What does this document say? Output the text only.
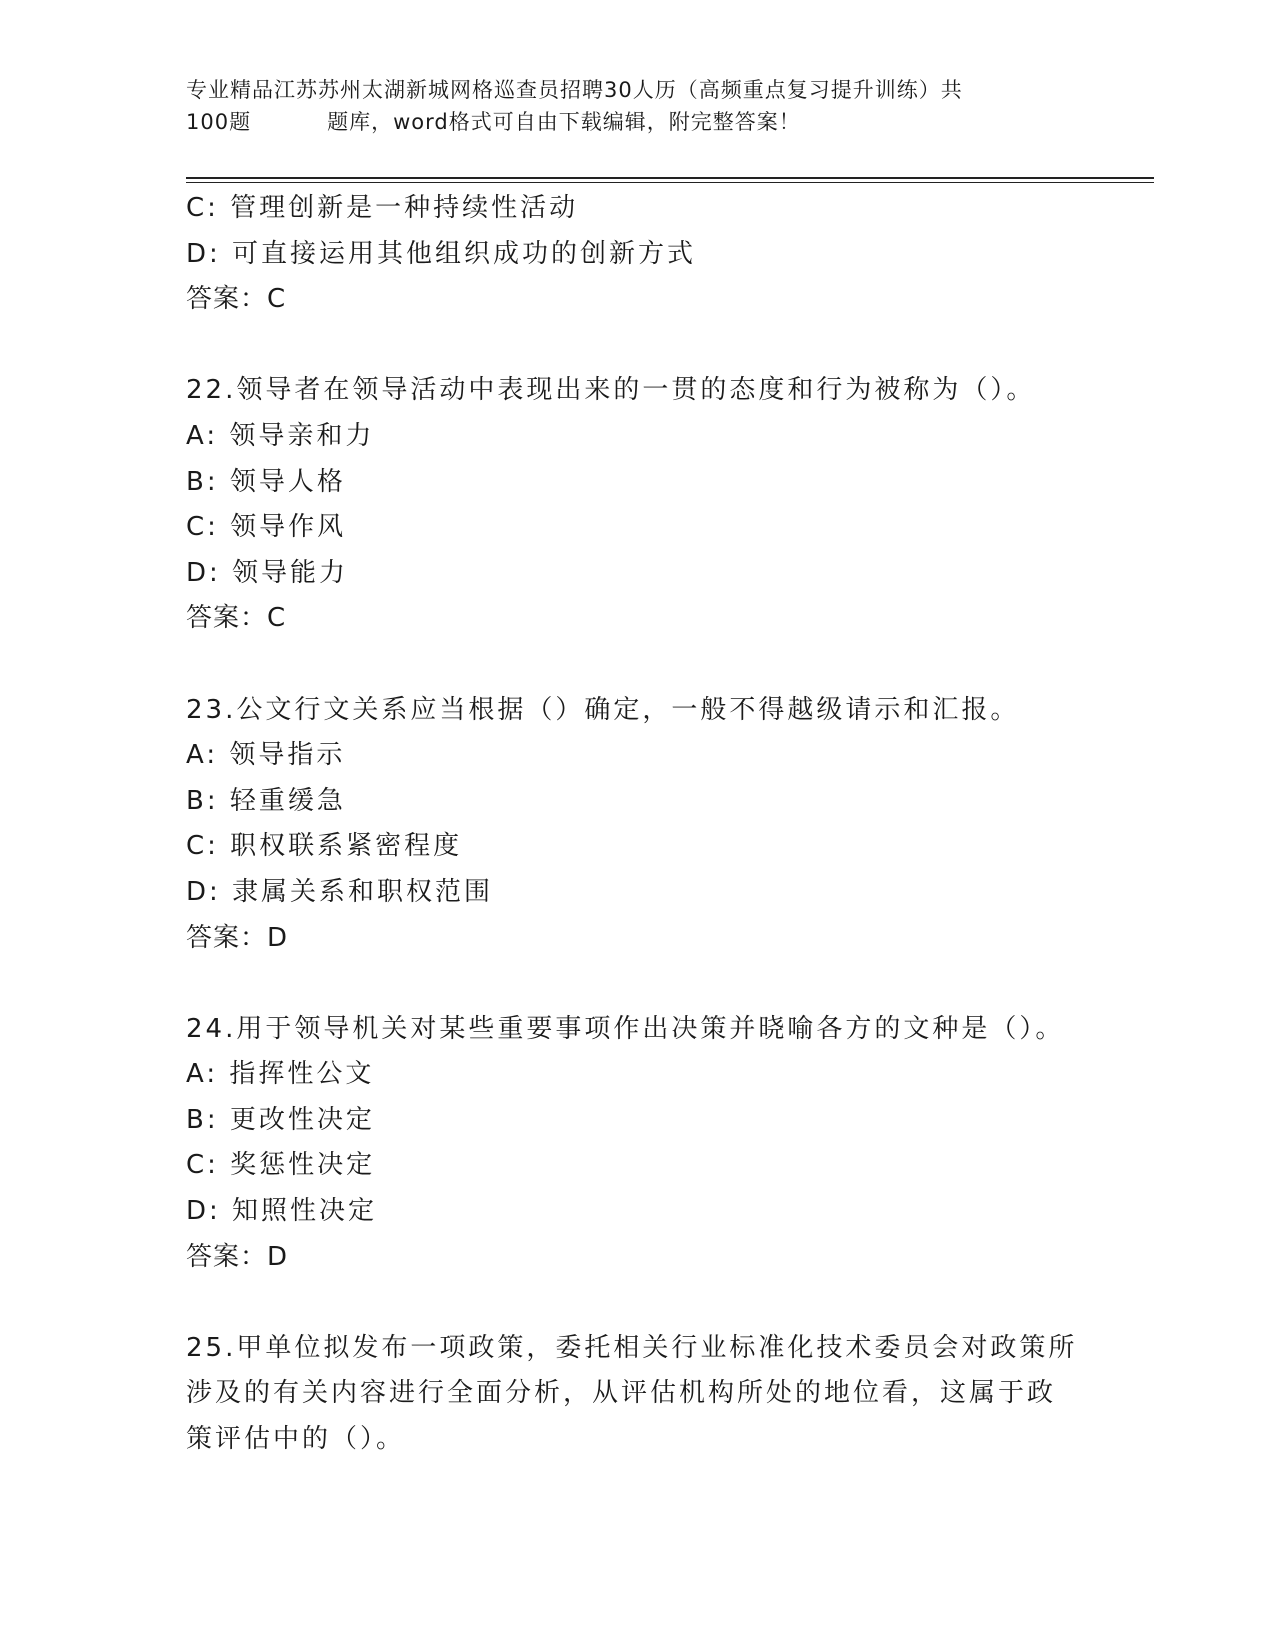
专业精品江苏苏州太湖新城网格巡查员招聘30人历（高频重点复习提升训练）共
100题	题库，word格式可自由下载编辑，附完整答案！
C: 管理创新是一种持续性活动
D: 可直接运用其他组织成功的创新方式
答案：C
22.领导者在领导活动中表现出来的一贯的态度和行为被称为（）。
A: 领导亲和力
B: 领导人格
C: 领导作风
D: 领导能力
答案：C
23.公文行文关系应当根据（）确定，一般不得越级请示和汇报。
A: 领导指示
B: 轻重缓急
C: 职权联系紧密程度
D: 隶属关系和职权范围
答案：D
24.用于领导机关对某些重要事项作出决策并晓喻各方的文种是（）。
A: 指挥性公文
B: 更改性决定
C: 奖惩性决定
D: 知照性决定
答案：D
25.甲单位拟发布一项政策，委托相关行业标准化技术委员会对政策所
涉及的有关内容进行全面分析，从评估机构所处的地位看，这属于政
策评估中的（）。
